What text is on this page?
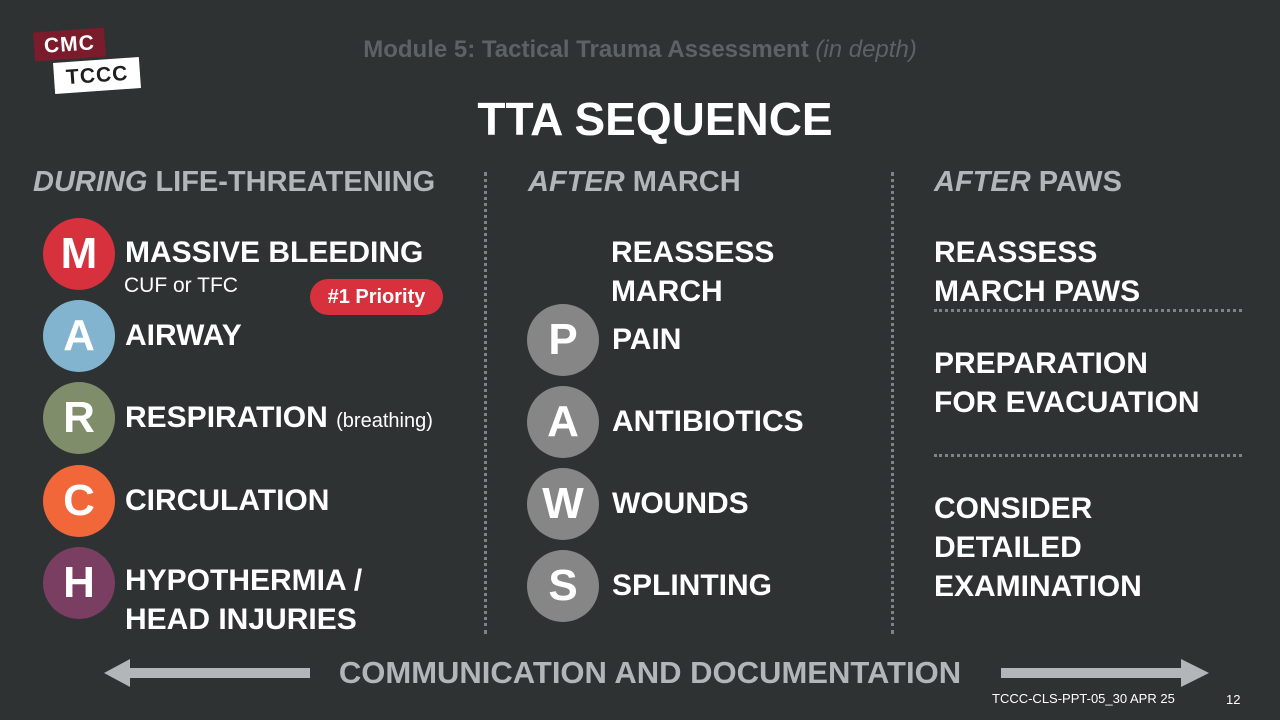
CMC
TCCC
Module 5: Tactical Trauma Assessment (in depth)
TTA SEQUENCE
DURING LIFE-THREATENING	AFTER MARCH	AFTER PAWS
M MASSIVE BLEEDING
CUF or TFC	#1 Priority
A AIRWAY
R RESPIRATION (breathing)
C CIRCULATION
H HYPOTHERMIA /
HEAD INJURIES
REASSESS
MARCH
P PAIN
A ANTIBIOTICS
W WOUNDS
S SPLINTING
REASSESS
MARCH PAWS
PREPARATION
FOR EVACUATION
CONSIDER
DETAILED
EXAMINATION
COMMUNICATION AND DOCUMENTATION
TCCC-CLS-PPT-05_30 APR 25	12
